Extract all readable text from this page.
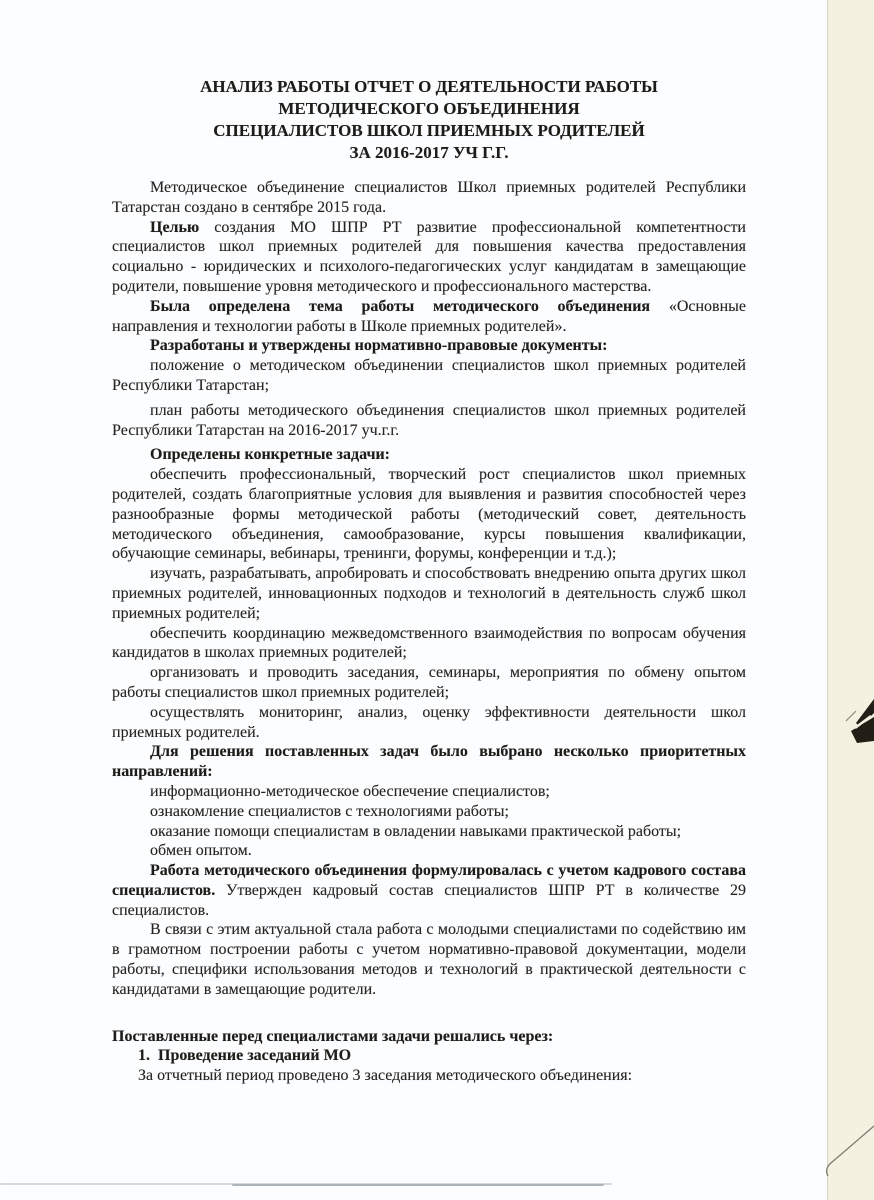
АНАЛИЗ РАБОТЫ ОТЧЕТ О ДЕЯТЕЛЬНОСТИ РАБОТЫ
МЕТОДИЧЕСКОГО ОБЪЕДИНЕНИЯ
СПЕЦИАЛИСТОВ ШКОЛ ПРИЕМНЫХ РОДИТЕЛЕЙ
ЗА 2016-2017 УЧ Г.Г.

Методическое объединение специалистов Школ приемных родителей Республики Татарстан создано в сентябре 2015 года.

Целью создания МО ШПР РТ развитие профессиональной компетентности специалистов школ приемных родителей для повышения качества предоставления социально - юридических и психолого-педагогических услуг кандидатам в замещающие родители, повышение уровня методического и профессионального мастерства.

Была определена тема работы методического объединения «Основные направления и технологии работы в Школе приемных родителей».

Разработаны и утверждены нормативно-правовые документы:

положение о методическом объединении специалистов школ приемных родителей Республики Татарстан;

план работы методического объединения специалистов школ приемных родителей Республики Татарстан на 2016-2017 уч.г.г.

Определены конкретные задачи:

обеспечить профессиональный, творческий рост специалистов школ приемных родителей, создать благоприятные условия для выявления и развития способностей через разнообразные формы методической работы (методический совет, деятельность методического объединения, самообразование, курсы повышения квалификации, обучающие семинары, вебинары, тренинги, форумы, конференции и т.д.);

изучать, разрабатывать, апробировать и способствовать внедрению опыта других школ приемных родителей, инновационных подходов и технологий в деятельность служб школ приемных родителей;

обеспечить координацию межведомственного взаимодействия по вопросам обучения кандидатов в школах приемных родителей;

организовать и проводить заседания, семинары, мероприятия по обмену опытом работы специалистов школ приемных родителей;

осуществлять мониторинг, анализ, оценку эффективности деятельности школ приемных родителей.

Для решения поставленных задач было выбрано несколько приоритетных направлений:

информационно-методическое обеспечение специалистов;

ознакомление специалистов с технологиями работы;

оказание помощи специалистам в овладении навыками практической работы;

обмен опытом.

Работа методического объединения формулировалась с учетом кадрового состава специалистов. Утвержден кадровый состав специалистов ШПР РТ в количестве 29 специалистов.

В связи с этим актуальной стала работа с молодыми специалистами по содействию им в грамотном построении работы с учетом нормативно-правовой документации, модели работы, специфики использования методов и технологий в практической деятельности с кандидатами в замещающие родители.

Поставленные перед специалистами задачи решались через:

1.  Проведение заседаний МО

За отчетный период проведено 3 заседания методического объединения:
